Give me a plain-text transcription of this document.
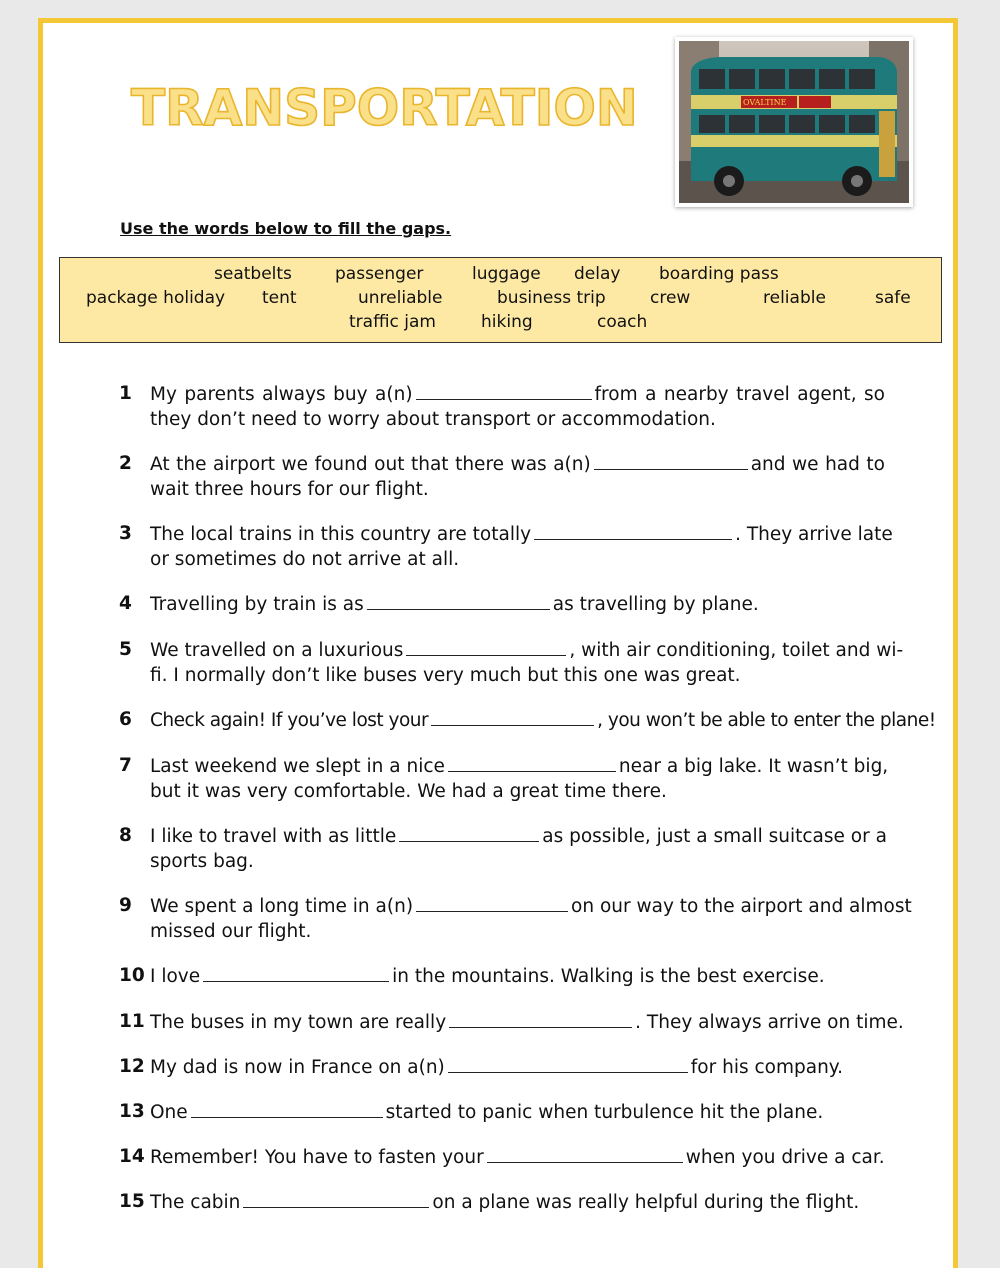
TRANSPORTATION	OVALTINE
Use the words below to fill the gaps.
seatbelts	passenger	luggage delay boarding pass
package holiday tent	unreliable	business trip	crew	reliable	safe
traffic jam	hiking	coach
1 My parents always buy a(n)	from a nearby travel agent, so
they don’t need to worry about transport or accommodation.
2 At the airport we found out that there was a(n)	and we had to
wait three hours for our flight.
3 The local trains in this country are totally	. They arrive late
or sometimes do not arrive at all.
4 Travelling by train is as	as travelling by plane.
5 We travelled on a luxurious	, with air conditioning, toilet and wi-
fi. I normally don’t like buses very much but this one was great.
6 Check again! If you’ve lost your	, you won’t be able to enter the plane!
7 Last weekend we slept in a nice	near a big lake. It wasn’t big,
but it was very comfortable. We had a great time there.
8 I like to travel with as little	as possible, just a small suitcase or a
sports bag.
9 We spent a long time in a(n)	on our way to the airport and almost
missed our flight.
10 I love	in the mountains. Walking is the best exercise.
11 The buses in my town are really	. They always arrive on time.
12 My dad is now in France on a(n)	for his company.
13 One	started to panic when turbulence hit the plane.
14 Remember! You have to fasten your	when you drive a car.
15 The cabin	on a plane was really helpful during the flight.
